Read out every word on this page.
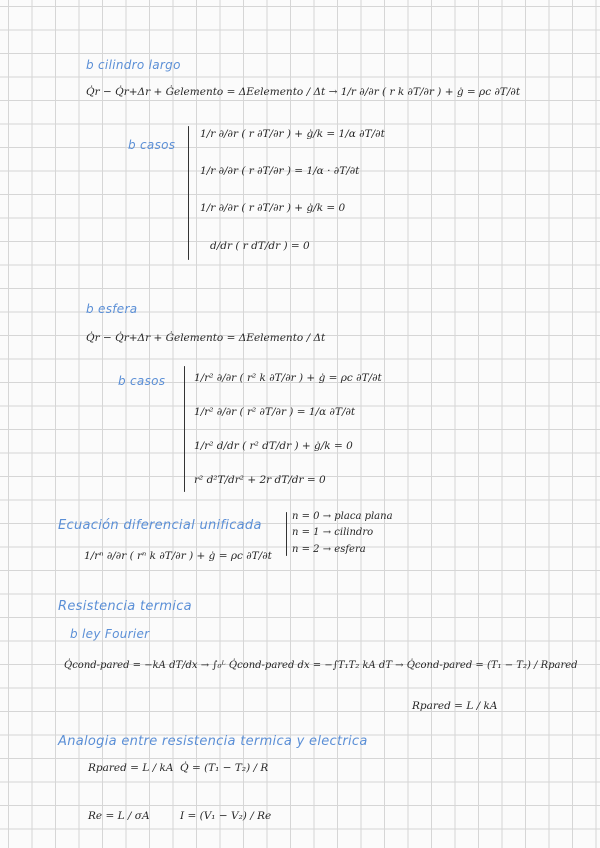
b cilindro largo

Q̇r − Q̇r+Δr + Ġelemento = ΔEelemento / Δt → 1/r ∂/∂r ( r k ∂T/∂r ) + ġ = ρc ∂T/∂t

b casos

1/r ∂/∂r ( r ∂T/∂r ) + ġ/k = 1/α ∂T/∂t

1/r ∂/∂r ( r ∂T/∂r ) = 1/α · ∂T/∂t

1/r ∂/∂r ( r ∂T/∂r ) + ġ/k = 0

d/dr ( r dT/dr ) = 0

b esfera

Q̇r − Q̇r+Δr + Ġelemento = ΔEelemento / Δt

b casos	1/r² ∂/∂r ( r² k ∂T/∂r ) + ġ = ρc ∂T/∂t

1/r² ∂/∂r ( r² ∂T/∂r ) = 1/α ∂T/∂t

1/r² d/dr ( r² dT/dr ) + ġ/k = 0

r² d²T/dr² + 2r dT/dr = 0

Ecuación diferencial unificada

n = 0 → placa plana

n = 1 → cilindro

n = 2 → esfera

1/rⁿ ∂/∂r ( rⁿ k ∂T/∂r ) + ġ = ρc ∂T/∂t

Resistencia termica

b ley Fourier

Q̇cond-pared = −kA dT/dx → ∫₀ᴸ Q̇cond-pared dx = −∫T₁T₂ kA dT → Q̇cond-pared = (T₁ − T₂) / Rpared

Rpared = L / kA

Analogia entre resistencia termica y electrica

Rpared = L / kA Q̇ = (T₁ − T₂) / R

Re = L / σA	I = (V₁ − V₂) / Re
